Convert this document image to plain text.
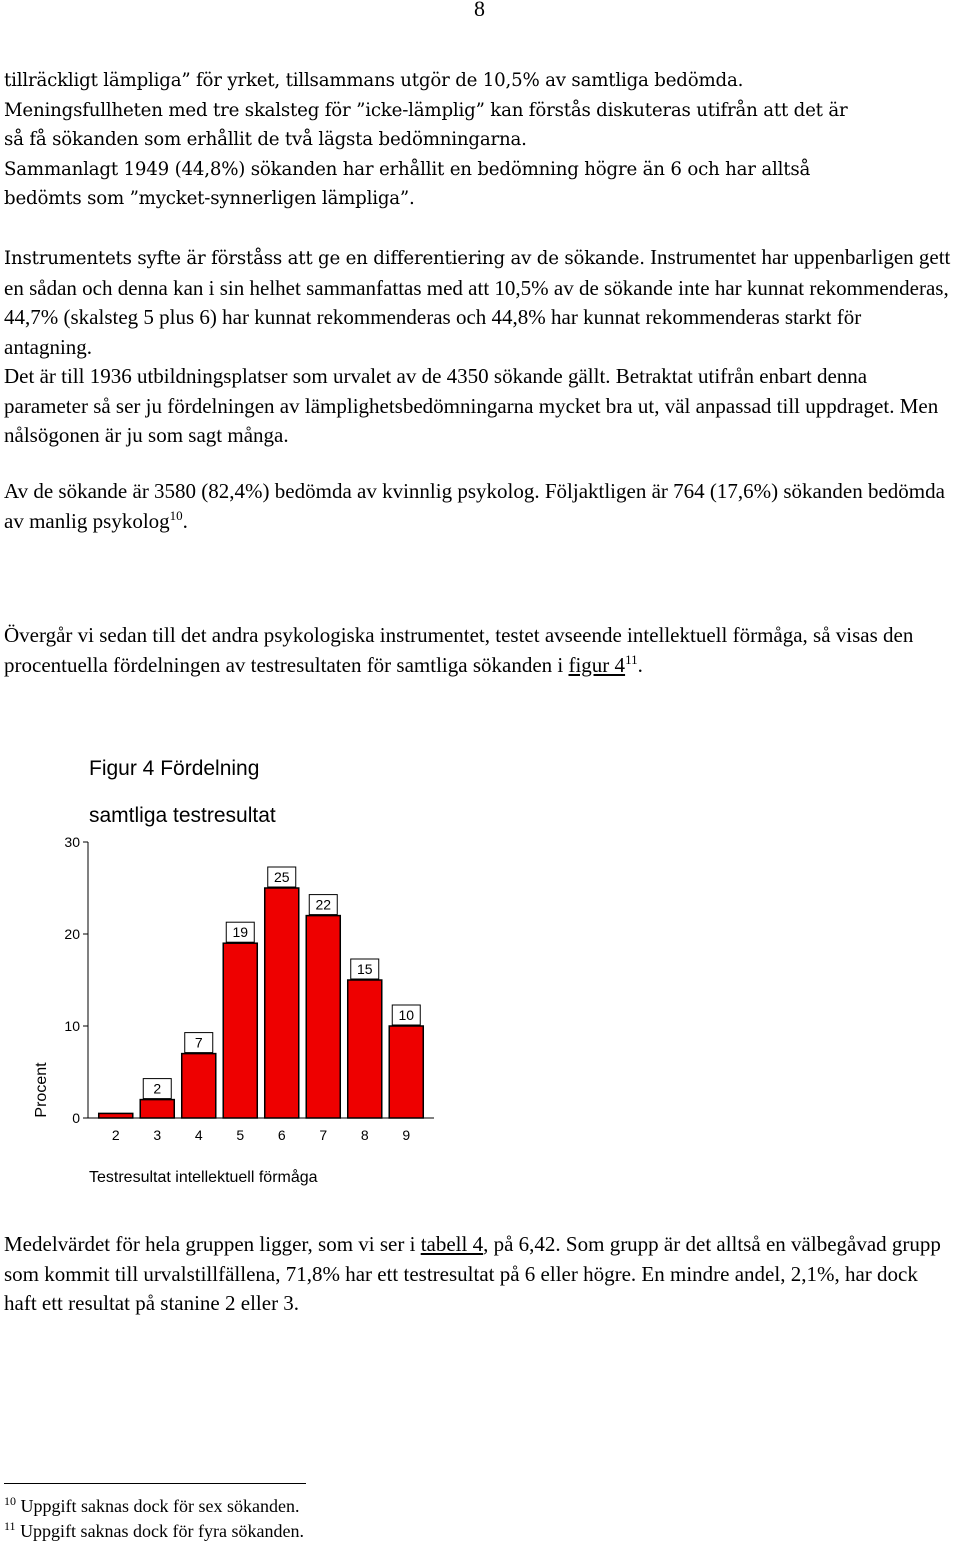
8

tillräckligt lämpliga” för yrket, tillsammans utgör de 10,5% av samtliga bedömda.

Meningsfullheten med tre skalsteg för ”icke-lämplig” kan förstås diskuteras utifrån att det är

så få sökanden som erhållit de två lägsta bedömningarna.

Sammanlagt 1949 (44,8%) sökanden har erhållit en bedömning högre än 6 och har alltså

bedömts som ”mycket-synnerligen lämpliga”.

Instrumentets syfte är förståss att ge en differentiering av de sökande. Instrumentet har uppenbarligen gett en sådan och denna kan i sin helhet sammanfattas med att 10,5% av de sökande inte har kunnat rekommenderas, 44,7% (skalsteg 5 plus 6) har kunnat rekommenderas och 44,8% har kunnat rekommenderas starkt för antagning.

Det är till 1936 utbildningsplatser som urvalet av de 4350 sökande gällt. Betraktat utifrån enbart denna parameter så ser ju fördelningen av lämplighetsbedömningarna mycket bra ut, väl anpassad till uppdraget. Men nålsögonen är ju som sagt många.

Av de sökande är 3580 (82,4%) bedömda av kvinnlig psykolog. Följaktligen är 764 (17,6%) sökanden bedömda av manlig psykolog$^{10}$.

Övergår vi sedan till det andra psykologiska instrumentet, testet avseende intellektuell förmåga, så visas den procentuella fördelningen av testresultaten för samtliga sökanden i figur $4^{11}$.

Figur 4 Fördelning
samtliga testresultat
0
10
20
30
2
7
19
25
22
15
10
2 3 4 5 6 7 8 9
Procent
Testresultat intellektuell förmåga

Medelvärdet för hela gruppen ligger, som vi ser i tabell 4, på 6,42. Som grupp är det alltså en välbegåvad grupp som kommit till urvalstillfällena, 71,8% har ett testresultat på 6 eller högre. En mindre andel, 2,1%, har dock haft ett resultat på stanine 2 eller 3.

$^{10}$ Uppgift saknas dock för sex sökanden.
$^{11}$ Uppgift saknas dock för fyra sökanden.
